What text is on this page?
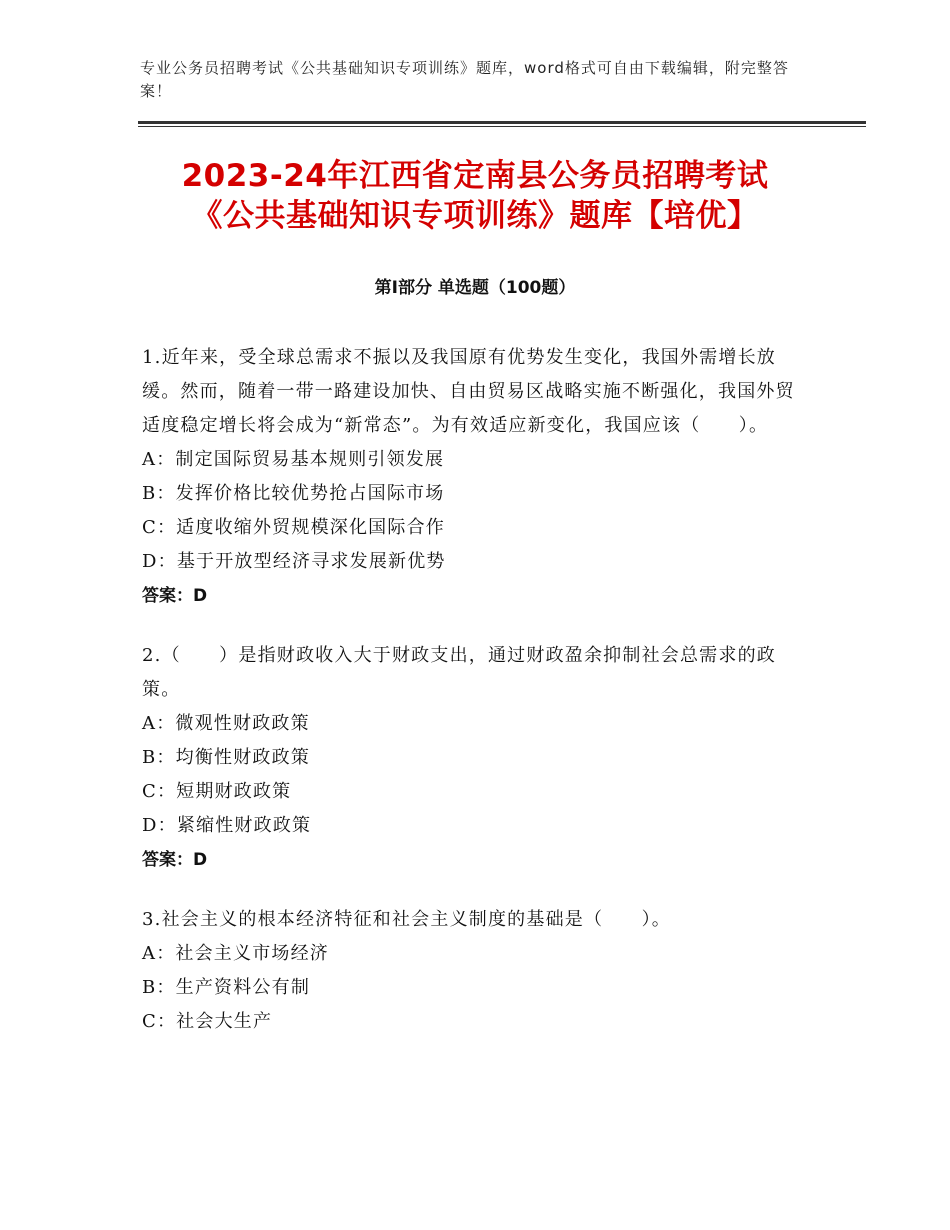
专业公务员招聘考试《公共基础知识专项训练》题库，word格式可自由下载编辑，附完整答案！
2023-24年江西省定南县公务员招聘考试
《公共基础知识专项训练》题库【培优】
第Ⅰ部分 单选题（100题）

1.近年来，受全球总需求不振以及我国原有优势发生变化，我国外需增长放缓。然而，随着一带一路建设加快、自由贸易区战略实施不断强化，我国外贸适度稳定增长将会成为“新常态”。为有效适应新变化，我国应该（　　）。

A：制定国际贸易基本规则引领发展

B：发挥价格比较优势抢占国际市场

C：适度收缩外贸规模深化国际合作

D：基于开放型经济寻求发展新优势

答案：D

2.（　　）是指财政收入大于财政支出，通过财政盈余抑制社会总需求的政策。

A：微观性财政政策

B：均衡性财政政策

C：短期财政政策

D：紧缩性财政政策

答案：D

3.社会主义的根本经济特征和社会主义制度的基础是（　　）。

A：社会主义市场经济

B：生产资料公有制

C：社会大生产
